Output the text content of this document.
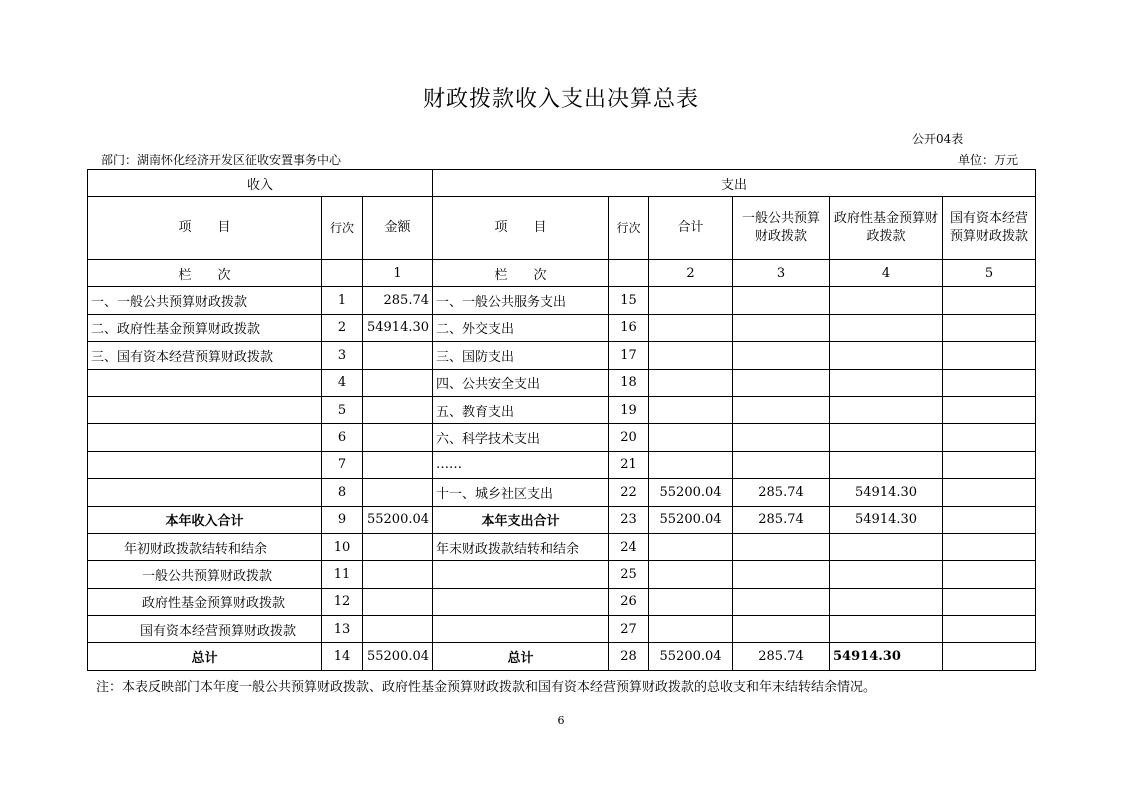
财政拨款收入支出决算总表
公开04表
部门：湖南怀化经济开发区征收安置事务中心	单位：万元
收入			支出					
项　　目	行次	金额	项　　目	行次	合计	一般公共预算财政拨款	政府性基金预算财政拨款	国有资本经营预算财政拨款
栏　　次		1	栏　　次		2	3	4	5
一、一般公共预算财政拨款	1	285.74	一、一般公共服务支出	15				
二、政府性基金预算财政拨款	2	54914.30	二、外交支出	16				
三、国有资本经营预算财政拨款	3		三、国防支出	17				
	4		四、公共安全支出	18				
	5		五、教育支出	19				
	6		六、科学技术支出	20				
	7		……	21				
	8		十一、城乡社区支出	22	55200.04	285.74	54914.30	
本年收入合计	9	55200.04	本年支出合计	23	55200.04	285.74	54914.30	
年初财政拨款结转和结余	10		年末财政拨款结转和结余	24				
一般公共预算财政拨款	11			25				
政府性基金预算财政拨款	12			26				
国有资本经营预算财政拨款	13			27				
总计	14	55200.04	总计	28	55200.04	285.74	54914.30	
注：本表反映部门本年度一般公共预算财政拨款、政府性基金预算财政拨款和国有资本经营预算财政拨款的总收支和年末结转结余情况。
6
